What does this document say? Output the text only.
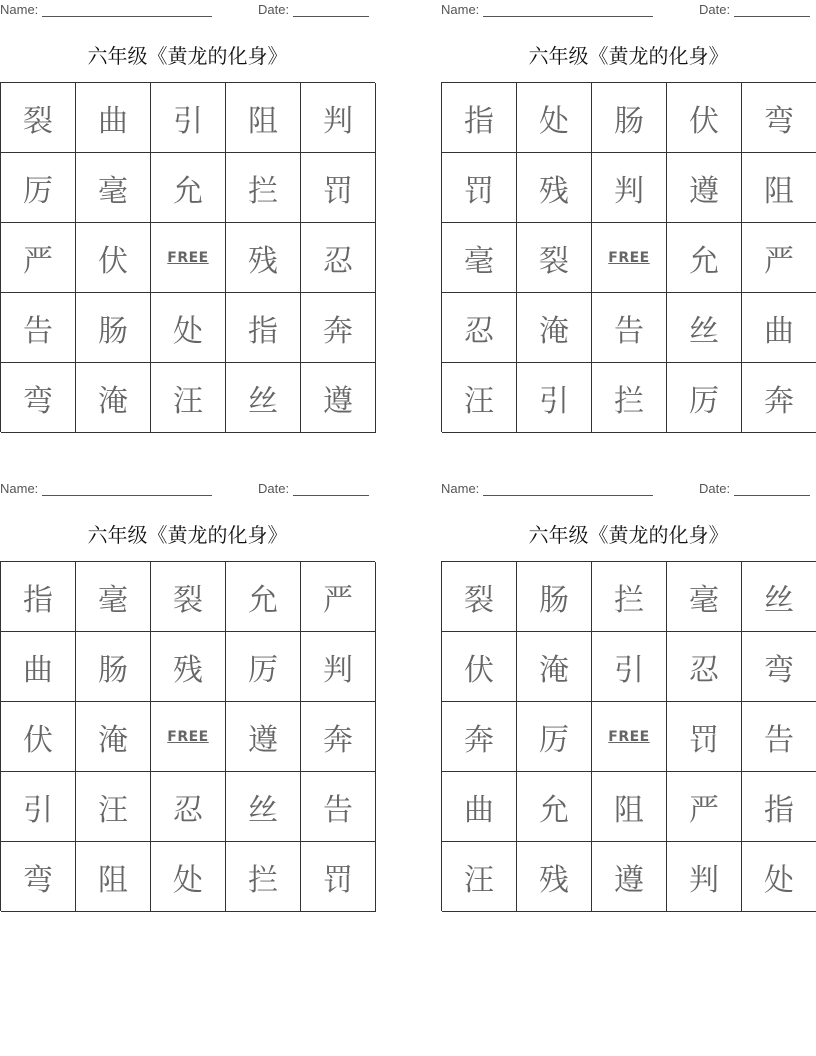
Name:	Date:
六年级《黄龙的化身》
裂	曲	引	阻	判
厉	毫	允	拦	罚
严	伏	FREE	残	忍
告	肠	处	指	奔
弯	淹	汪	丝	遵
Name:	Date:
六年级《黄龙的化身》
指	处	肠	伏	弯
罚	残	判	遵	阻
毫	裂	FREE	允	严
忍	淹	告	丝	曲
汪	引	拦	厉	奔
Name:	Date:
六年级《黄龙的化身》
指	毫	裂	允	严
曲	肠	残	厉	判
伏	淹	FREE	遵	奔
引	汪	忍	丝	告
弯	阻	处	拦	罚
Name:	Date:
六年级《黄龙的化身》
裂	肠	拦	毫	丝
伏	淹	引	忍	弯
奔	厉	FREE	罚	告
曲	允	阻	严	指
汪	残	遵	判	处
